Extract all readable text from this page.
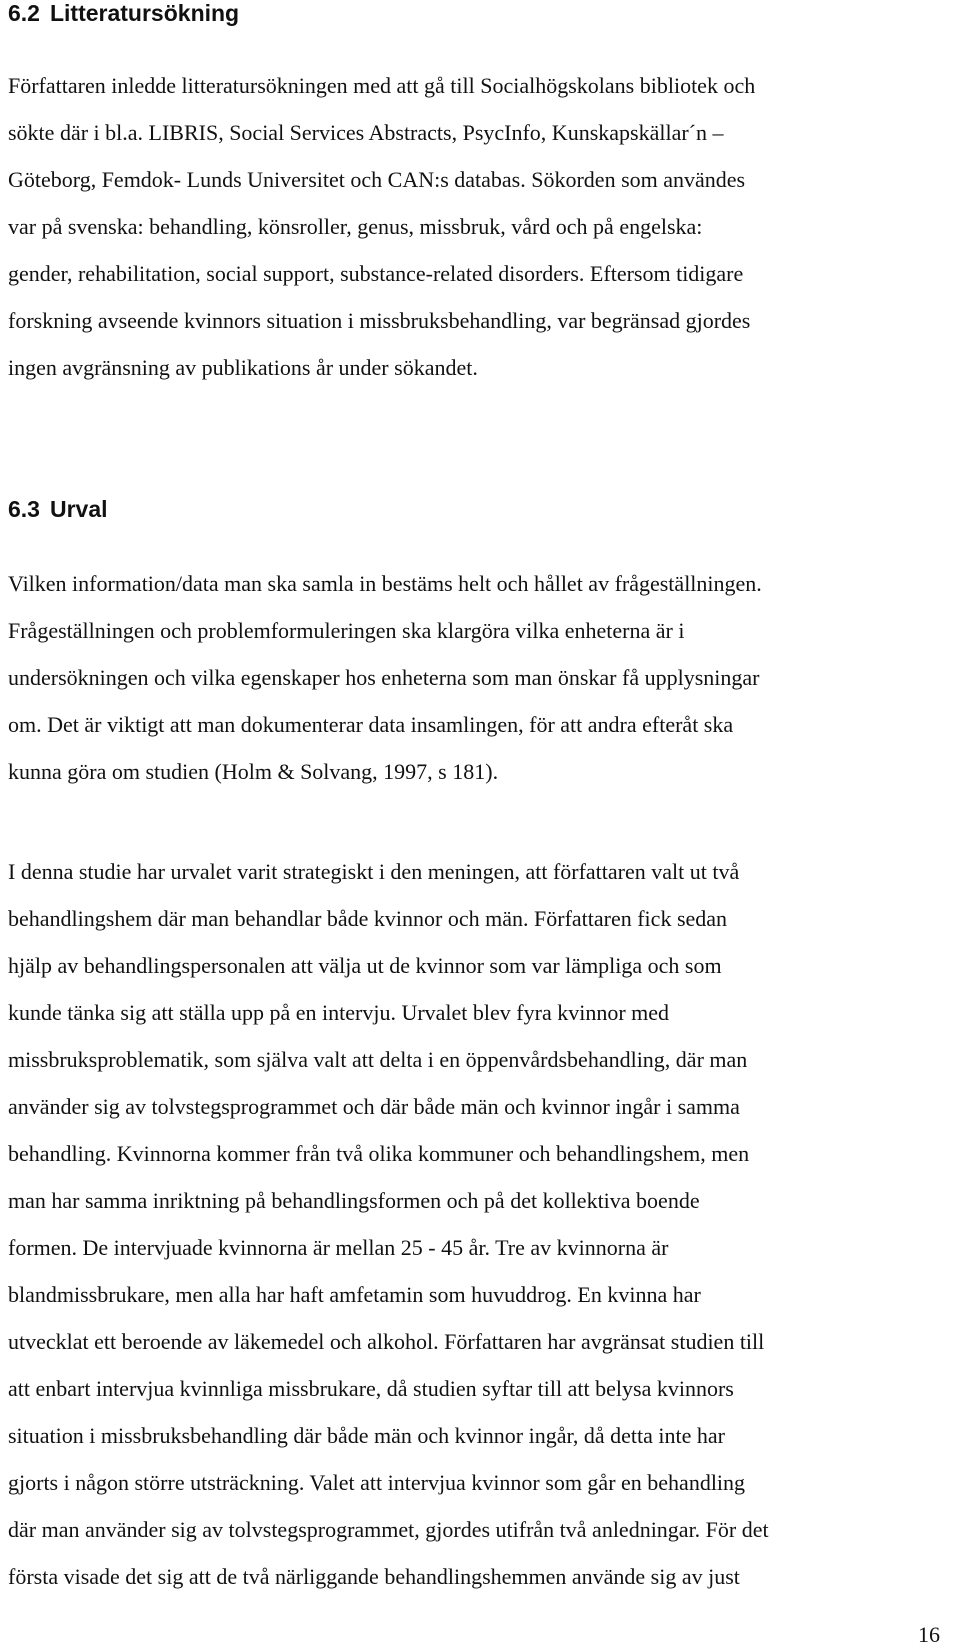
6.2 Litteratursökning

Författaren inledde litteratursökningen med att gå till Socialhögskolans bibliotek och
sökte där i bl.a. LIBRIS, Social Services Abstracts, PsycInfo, Kunskapskällar´n –
Göteborg, Femdok- Lunds Universitet och CAN:s databas. Sökorden som användes
var på svenska: behandling, könsroller, genus, missbruk, vård och på engelska:
gender, rehabilitation, social support, substance-related disorders. Eftersom tidigare
forskning avseende kvinnors situation i missbruksbehandling, var begränsad gjordes
ingen avgränsning av publikations år under sökandet.

6.3 Urval

Vilken information/data man ska samla in bestäms helt och hållet av frågeställningen.
Frågeställningen och problemformuleringen ska klargöra vilka enheterna är i
undersökningen och vilka egenskaper hos enheterna som man önskar få upplysningar
om. Det är viktigt att man dokumenterar data insamlingen, för att andra efteråt ska
kunna göra om studien (Holm & Solvang, 1997, s 181).

I denna studie har urvalet varit strategiskt i den meningen, att författaren valt ut två
behandlingshem där man behandlar både kvinnor och män. Författaren fick sedan
hjälp av behandlingspersonalen att välja ut de kvinnor som var lämpliga och som
kunde tänka sig att ställa upp på en intervju. Urvalet blev fyra kvinnor med
missbruksproblematik, som själva valt att delta i en öppenvårdsbehandling, där man
använder sig av tolvstegsprogrammet och där både män och kvinnor ingår i samma
behandling. Kvinnorna kommer från två olika kommuner och behandlingshem, men
man har samma inriktning på behandlingsformen och på det kollektiva boende
formen. De intervjuade kvinnorna är mellan 25 - 45 år. Tre av kvinnorna är
blandmissbrukare, men alla har haft amfetamin som huvuddrog. En kvinna har
utvecklat ett beroende av läkemedel och alkohol. Författaren har avgränsat studien till
att enbart intervjua kvinnliga missbrukare, då studien syftar till att belysa kvinnors
situation i missbruksbehandling där både män och kvinnor ingår, då detta inte har
gjorts i någon större utsträckning. Valet att intervjua kvinnor som går en behandling
där man använder sig av tolvstegsprogrammet, gjordes utifrån två anledningar. För det
första visade det sig att de två närliggande behandlingshemmen använde sig av just

16
